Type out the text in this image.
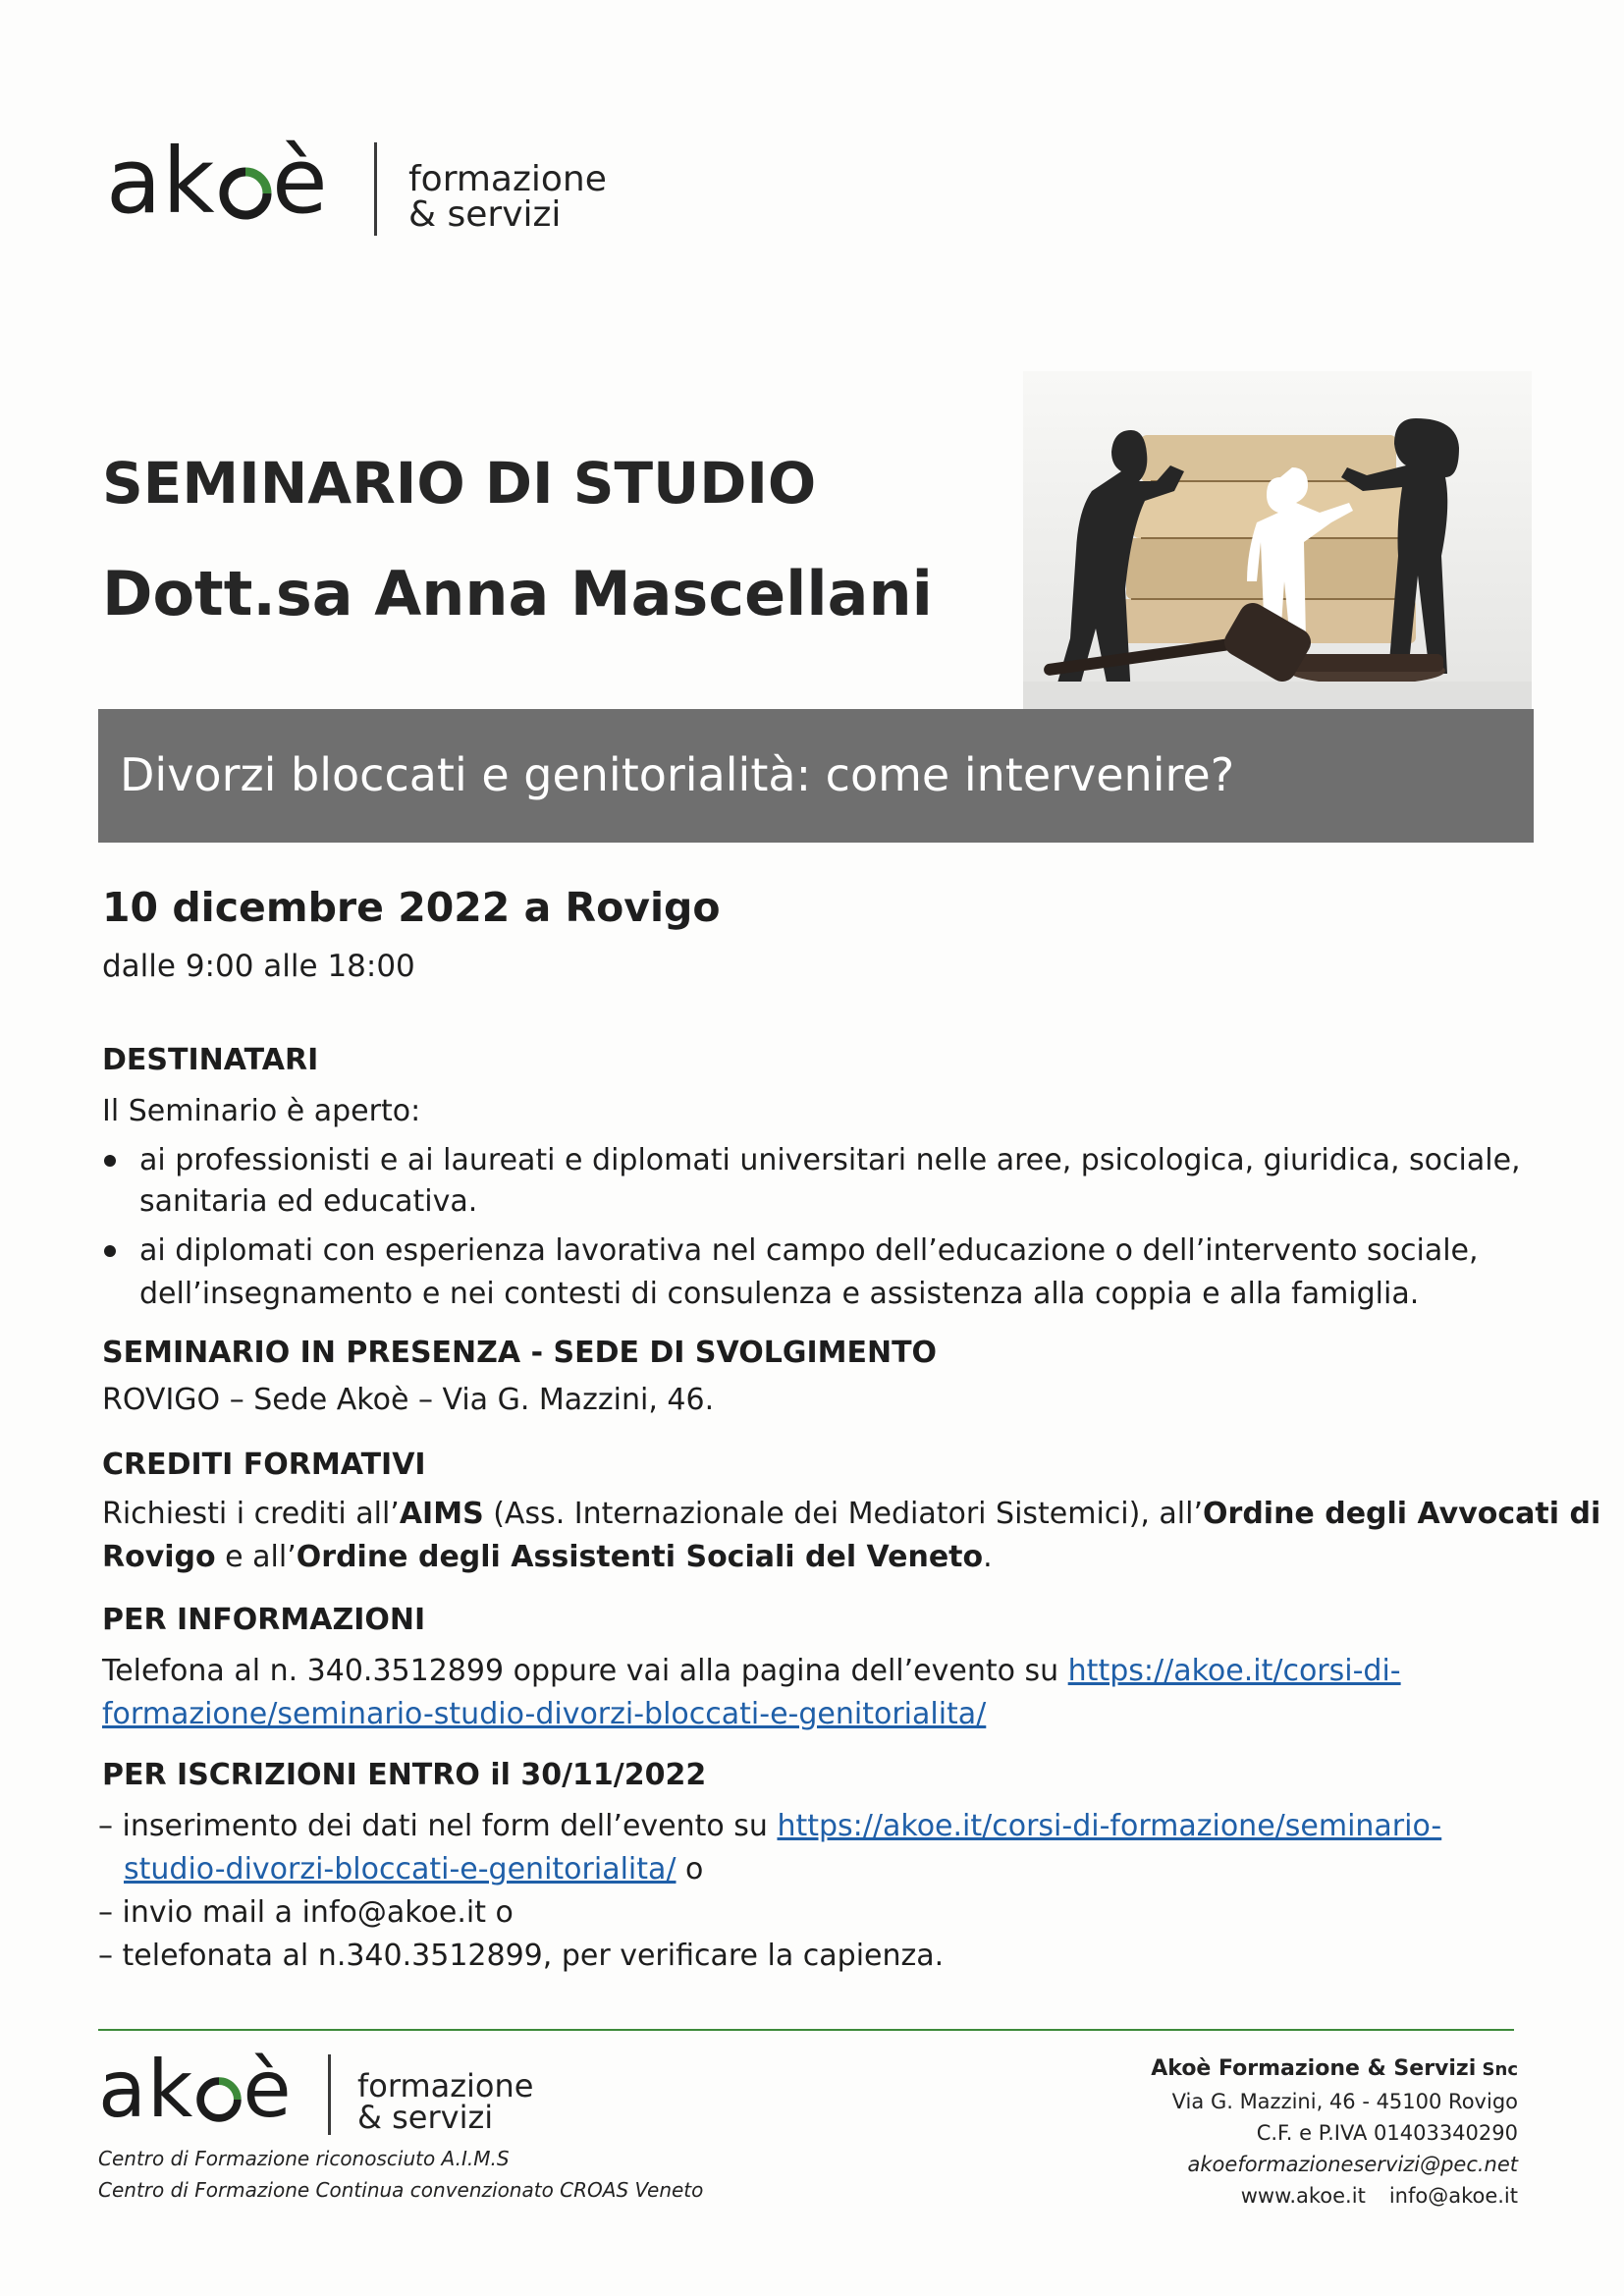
ak è formazione
& servizi
SEMINARIO DI STUDIO
Dott.sa Anna Mascellani
Divorzi bloccati e genitorialità: come intervenire?
10 dicembre 2022 a Rovigo
dalle 9:00 alle 18:00
DESTINATARI
Il Seminario è aperto:
ai professionisti e ai laureati e diplomati universitari nelle aree, psicologica, giuridica, sociale,
sanitaria ed educativa.
ai diplomati con esperienza lavorativa nel campo dell’educazione o dell’intervento sociale,
dell’insegnamento e nei contesti di consulenza e assistenza alla coppia e alla famiglia.
SEMINARIO IN PRESENZA - SEDE DI SVOLGIMENTO
ROVIGO – Sede Akoè – Via G. Mazzini, 46.
CREDITI FORMATIVI
Richiesti i crediti all’AIMS (Ass. Internazionale dei Mediatori Sistemici), all’Ordine degli Avvocati di
Rovigo e all’Ordine degli Assistenti Sociali del Veneto.
PER INFORMAZIONI
Telefona al n. 340.3512899 oppure vai alla pagina dell’evento su https://akoe.it/corsi-di-
formazione/seminario-studio-divorzi-bloccati-e-genitorialita/
PER ISCRIZIONI ENTRO il 30/11/2022
– inserimento dei dati nel form dell’evento su https://akoe.it/corsi-di-formazione/seminario-
studio-divorzi-bloccati-e-genitorialita/ o
– invio mail a info@akoe.it o
– telefonata al n.340.3512899, per verificare la capienza.
ak è formazione
& servizi
Centro di Formazione riconosciuto A.I.M.S
Centro di Formazione Continua convenzionato CROAS Veneto
Akoè Formazione & Servizi Snc
Via G. Mazzini, 46 - 45100 Rovigo
C.F. e P.IVA 01403340290
akoeformazioneservizi@pec.net
www.akoe.it info@akoe.it
